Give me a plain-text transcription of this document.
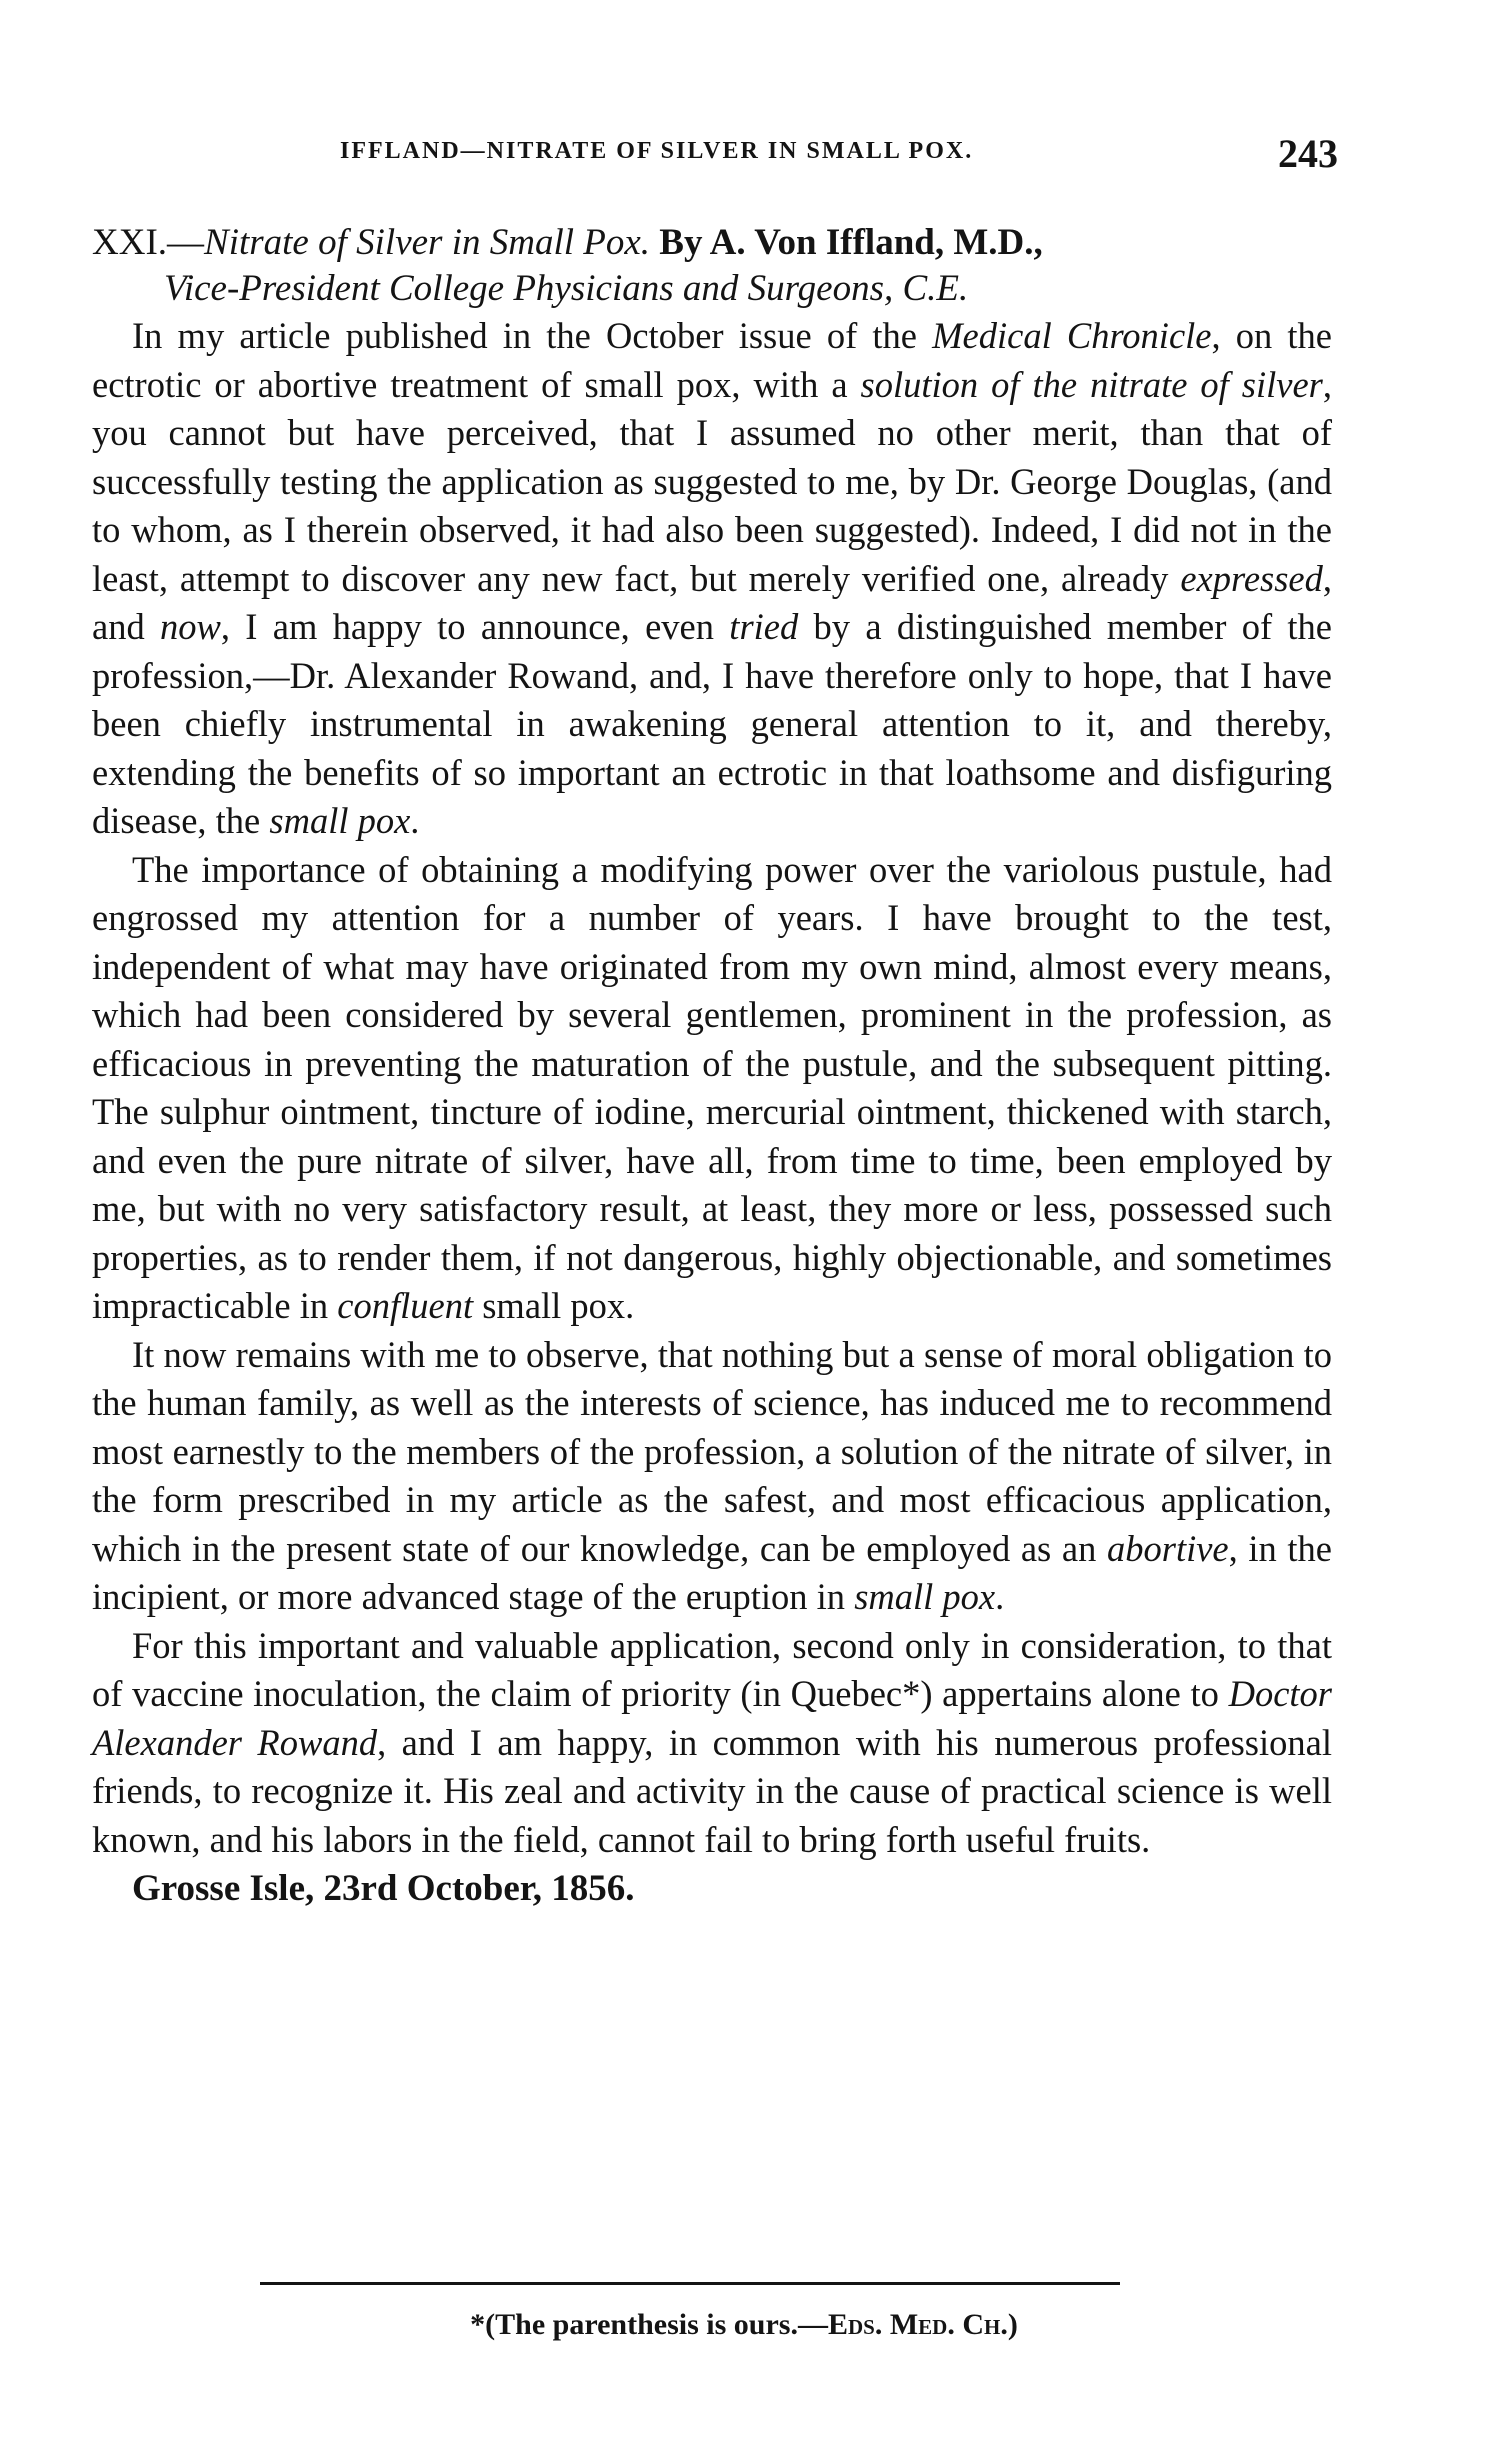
IFFLAND—NITRATE OF SILVER IN SMALL POX.	243
XXI.—Nitrate of Silver in Small Pox. By A. Von Iffland, M.D.,
Vice-President College Physicians and Surgeons, C.E.

In my article published in the October issue of the Medical Chronicle, on the ectrotic or abortive treatment of small pox, with a solution of the nitrate of silver, you cannot but have perceived, that I assumed no other merit, than that of successfully testing the application as suggested to me, by Dr. George Douglas, (and to whom, as I therein observed, it had also been suggested). Indeed, I did not in the least, attempt to discover any new fact, but merely verified one, already expressed, and now, I am happy to announce, even tried by a distinguished member of the profession,—Dr. Alexander Rowand, and, I have therefore only to hope, that I have been chiefly instrumental in awakening general attention to it, and thereby, extending the benefits of so important an ectrotic in that loathsome and disfiguring disease, the small pox.

The importance of obtaining a modifying power over the variolous pustule, had engrossed my attention for a number of years. I have brought to the test, independent of what may have originated from my own mind, almost every means, which had been considered by several gentlemen, prominent in the profession, as efficacious in preventing the maturation of the pustule, and the subsequent pitting. The sulphur ointment, tincture of iodine, mercurial ointment, thickened with starch, and even the pure nitrate of silver, have all, from time to time, been employed by me, but with no very satisfactory result, at least, they more or less, possessed such properties, as to render them, if not dangerous, highly objectionable, and sometimes impracticable in confluent small pox.

It now remains with me to observe, that nothing but a sense of moral obligation to the human family, as well as the interests of science, has induced me to recommend most earnestly to the members of the profession, a solution of the nitrate of silver, in the form prescribed in my article as the safest, and most efficacious application, which in the present state of our knowledge, can be employed as an abortive, in the incipient, or more advanced stage of the eruption in small pox.

For this important and valuable application, second only in consideration, to that of vaccine inoculation, the claim of priority (in Quebec*) appertains alone to Doctor Alexander Rowand, and I am happy, in common with his numerous professional friends, to recognize it. His zeal and activity in the cause of practical science is well known, and his labors in the field, cannot fail to bring forth useful fruits.

Grosse Isle, 23rd October, 1856.

*(The parenthesis is ours.—Eds. Med. Ch.)
